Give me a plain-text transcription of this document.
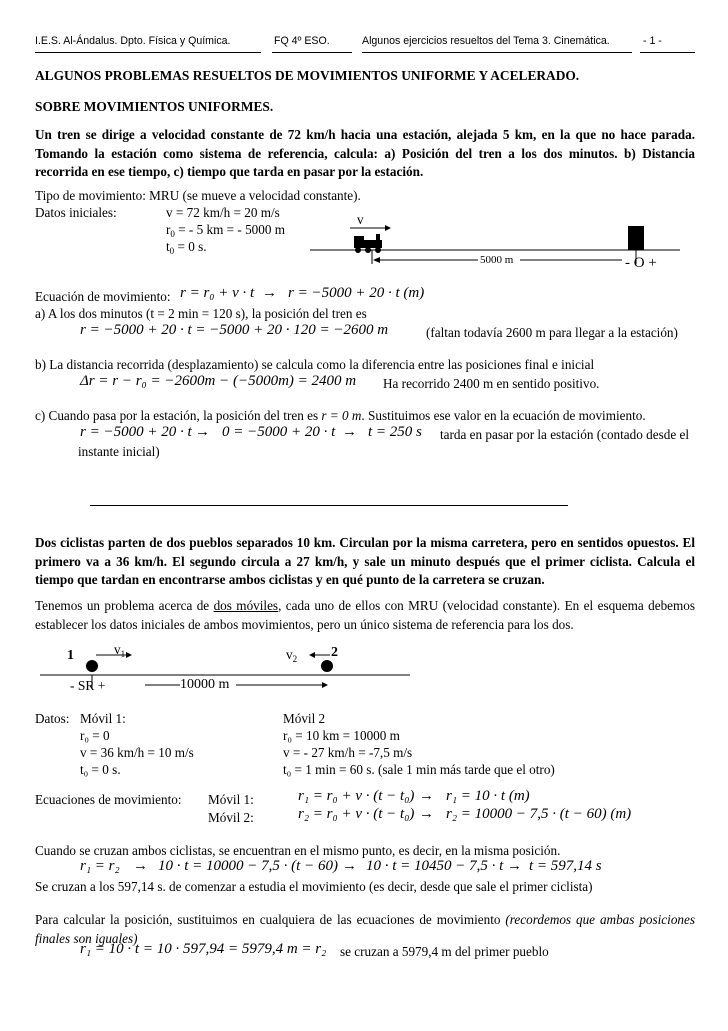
I.E.S. Al-Ándalus. Dpto. Física y Química.	FQ 4º ESO.	Algunos ejercicios resueltos del Tema 3. Cinemática.	- 1 -
ALGUNOS PROBLEMAS RESUELTOS DE MOVIMIENTOS UNIFORME Y ACELERADO.
SOBRE MOVIMIENTOS UNIFORMES.
Un tren se dirige a velocidad constante de 72 km/h hacia una estación, alejada 5 km, en la que no hace parada. Tomando la estación como sistema de referencia, calcula: a) Posición del tren a los dos minutos. b) Distancia recorrida en ese tiempo, c) tiempo que tarda en pasar por la estación.
Tipo de movimiento: MRU (se mueve a velocidad constante).
Datos iniciales:	v = 72 km/h = 20 m/s
$r_0$ = - 5 km = - 5000 m
$t_0 = 0$ s.
v
5000 m	- O +
Ecuación de movimiento: r = r₀ + v · t → r = −5000 + 20 · t (m)
a) A los dos minutos (t = 2 min = 120 s), la posición del tren es
r = −5000 + 20 · t = −5000 + 20 · 120 = −2600 m	(faltan todavía 2600 m para llegar a la estación)
b) La distancia recorrida (desplazamiento) se calcula como la diferencia entre las posiciones final e inicial
Δr = r − r₀ = −2600m − (−5000m) = 2400 m Ha recorrido 2400 m en sentido positivo.
c) Cuando pasa por la estación, la posición del tren es r = 0 m. Sustituimos ese valor en la ecuación de movimiento.
r = −5000 + 20 · t → 0 = −5000 + 20 · t → t = 250 s tarda en pasar por la estación (contado desde el
instante inicial)
Dos ciclistas parten de dos pueblos separados 10 km. Circulan por la misma carretera, pero en sentidos opuestos. El primero va a 36 km/h. El segundo circula a 27 km/h, y sale un minuto después que el primer ciclista. Calcula el tiempo que tardan en encontrarse ambos ciclistas y en qué punto de la carretera se cruzan.
Tenemos un problema acerca de dos móviles, cada uno de ellos con MRU (velocidad constante). En el esquema debemos establecer los datos iniciales de ambos movimientos, pero un único sistema de referencia para los dos.
1	$v_1$	$v_2$ 2
- SR +	10000 m
Datos: Móvil 1:
r₀ = 0
v = 36 km/h = 10 m/s
t₀ = 0 s.
Móvil 2
r₀ = 10 km = 10000 m
v = - 27 km/h = -7,5 m/s
t₀ = 1 min = 60 s. (sale 1 min más tarde que el otro)
Ecuaciones de movimiento: Móvil 1:	r₁ = r₀ + v · (t − t₀) → r₁ = 10 · t (m)
Móvil 2:	r₂ = r₀ + v · (t − t₀) → r₂ = 10000 − 7,5 · (t − 60) (m)
Cuando se cruzan ambos ciclistas, se encuentran en el mismo punto, es decir, en la misma posición.
r₁ = r₂ → 10 · t = 10000 − 7,5 · (t − 60) → 10 · t = 10450 − 7,5 · t → t = 597,14 s
Se cruzan a los 597,14 s. de comenzar a estudia el movimiento (es decir, desde que sale el primer ciclista)
Para calcular la posición, sustituimos en cualquiera de las ecuaciones de movimiento (recordemos que ambas posiciones finales son iguales)
r₁ = 10 · t = 10 · 597,94 = 5979,4 m = r₂ se cruzan a 5979,4 m del primer pueblo
